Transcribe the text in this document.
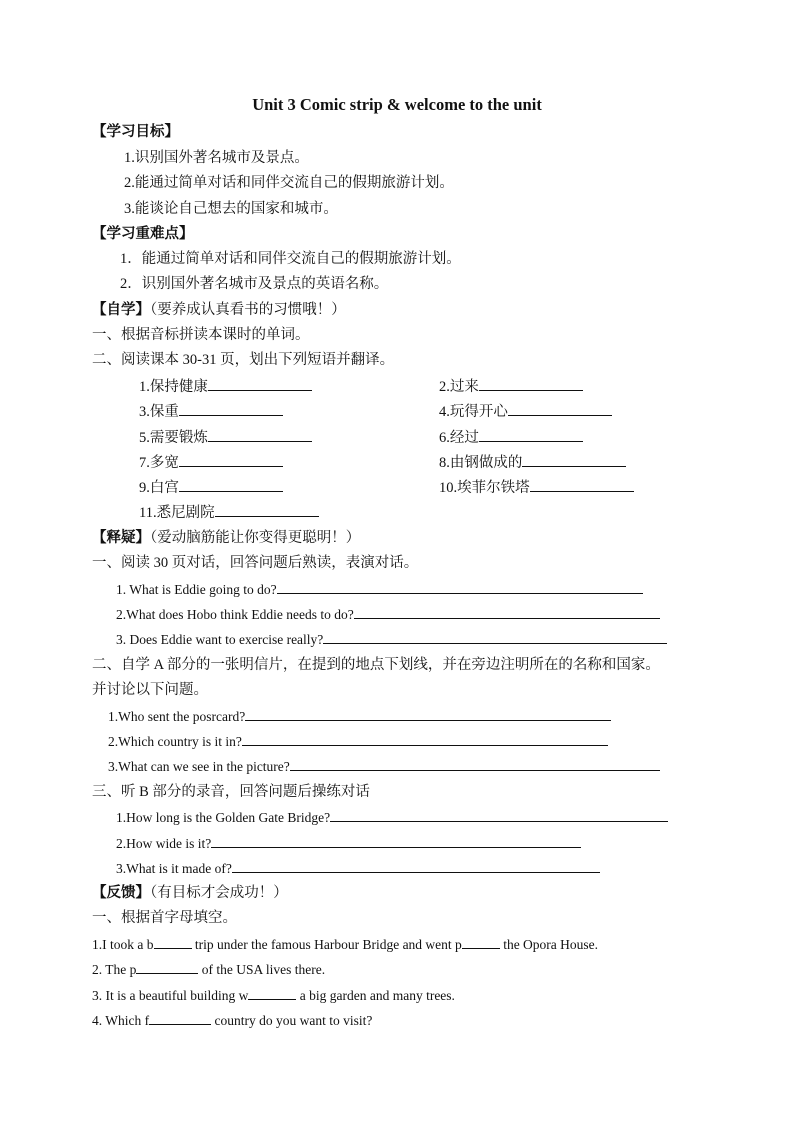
Unit 3 Comic strip & welcome to the unit
【学习目标】
1.识别国外著名城市及景点。
2.能通过简单对话和同伴交流自己的假期旅游计划。
3.能谈论自己想去的国家和城市。
【学习重难点】
1．能通过简单对话和同伴交流自己的假期旅游计划。
2．识别国外著名城市及景点的英语名称。
【自学】（要养成认真看书的习惯哦！）
一、根据音标拼读本课时的单词。
二、阅读课本 30-31 页，划出下列短语并翻译。
1.保持健康	2.过来
3.保重	4.玩得开心
5.需要锻炼	6.经过
7.多宽	8.由钢做成的
9.白宫	10.埃菲尔铁塔
11.悉尼剧院
【释疑】（爱动脑筋能让你变得更聪明！）
一、阅读 30 页对话，回答问题后熟读，表演对话。
1. What is Eddie going to do?
2.What does Hobo think Eddie needs to do?
3. Does Eddie want to exercise really?
二、自学 A 部分的一张明信片，在提到的地点下划线，并在旁边注明所在的名称和国家。
并讨论以下问题。
1.Who sent the posrcard?
2.Which country is it in?
3.What can we see in the picture?
三、听 B 部分的录音，回答问题后操练对话
1.How long is the Golden Gate Bridge?
2.How wide is it?
3.What is it made of?
【反馈】（有目标才会成功！）
一、根据首字母填空。
1.I took a b	trip under the famous Harbour Bridge and went p	the Opora House.
2. The p	of the USA lives there.
3. It is a beautiful building w	a big garden and many trees.
4. Which f	country do you want to visit?
